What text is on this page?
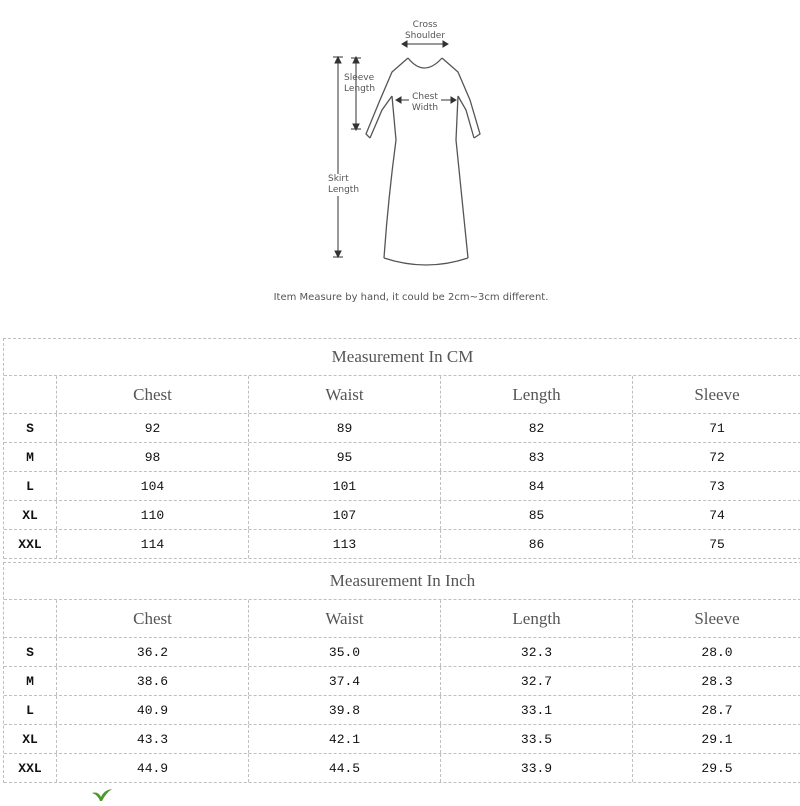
Cross
Shoulder
Sleeve
Length
Chest
Width
Skirt
Length
Item Measure by hand, it could be 2cm~3cm different.
Measurement In CM
Chest	Waist	Length	Sleeve
S	92	89	82	71
M	98	95	83	72
L	104	101	84	73
XL	110	107	85	74
XXL	114	113	86	75
Measurement In Inch
Chest	Waist	Length	Sleeve
S	36.2	35.0	32.3	28.0
M	38.6	37.4	32.7	28.3
L	40.9	39.8	33.1	28.7
XL	43.3	42.1	33.5	29.1
XXL	44.9	44.5	33.9	29.5
